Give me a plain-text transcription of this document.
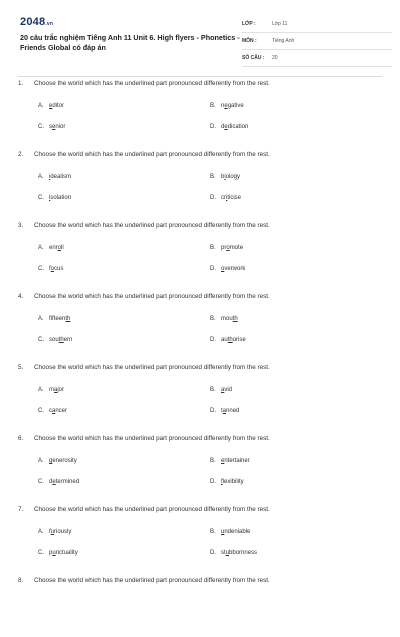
2048.vn
20 câu trắc nghiệm Tiếng Anh 11 Unit 6. High flyers - Phonetics - Friends Global có đáp án
LỚP :	Lớp 11
MÔN :	Tiếng Anh
SỐ CÂU :	20
1. Choose the world which has the underlined part pronounced differently from the rest.
A. editor	B. negative
C. senior	D. dedication
2. Choose the world which has the underlined part pronounced differently from the rest.
A. idealism	B. biology
C. isolation	D. criticise
3. Choose the world which has the underlined part pronounced differently from the rest.
A. enroll	B. promote
C. focus	D. overwork
4. Choose the world which has the underlined part pronounced differently from the rest.
A. fifteenth	B. mouth
C. southern	D. authorise
5. Choose the world which has the underlined part pronounced differently from the rest.
A. major	B. avid
C. cancer	D. tanned
6. Choose the world which has the underlined part pronounced differently from the rest.
A. generosity	B. entertainer
C. determined	D. flexibility
7. Choose the world which has the underlined part pronounced differently from the rest.
A. furiously	B. undeniable
C. punctuality	D. stubbornness
8. Choose the world which has the underlined part pronounced differently from the rest.
